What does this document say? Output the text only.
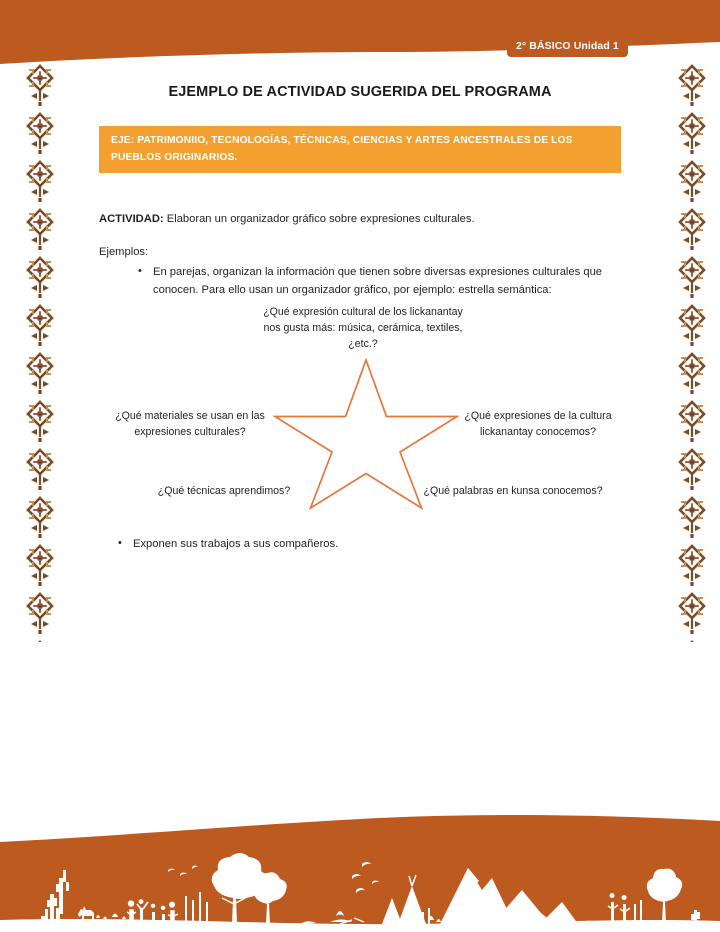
2° BÁSICO Unidad 1
EJEMPLO DE ACTIVIDAD SUGERIDA DEL PROGRAMA
EJE: PATRIMONIIO, TECNOLOGÍAS, TÉCNICAS, CIENCIAS Y ARTES ANCESTRALES DE LOS PUEBLOS ORIGINARIOS.
ACTIVIDAD: Elaboran un organizador gráfico sobre expresiones culturales.
Ejemplos:
• En parejas, organizan la información que tienen sobre diversas expresiones culturales que conocen. Para ello usan un organizador gráfico, por ejemplo: estrella semántica:
¿Qué expresión cultural de los lickanantay nos gusta más: música, cerámica, textiles, ¿etc.?
¿Qué materiales se usan en las expresiones culturales?
¿Qué expresiones de la cultura lickanantay conocemos?
¿Qué técnicas aprendimos?	¿Qué palabras en kunsa conocemos?
• Exponen sus trabajos a sus compañeros.
